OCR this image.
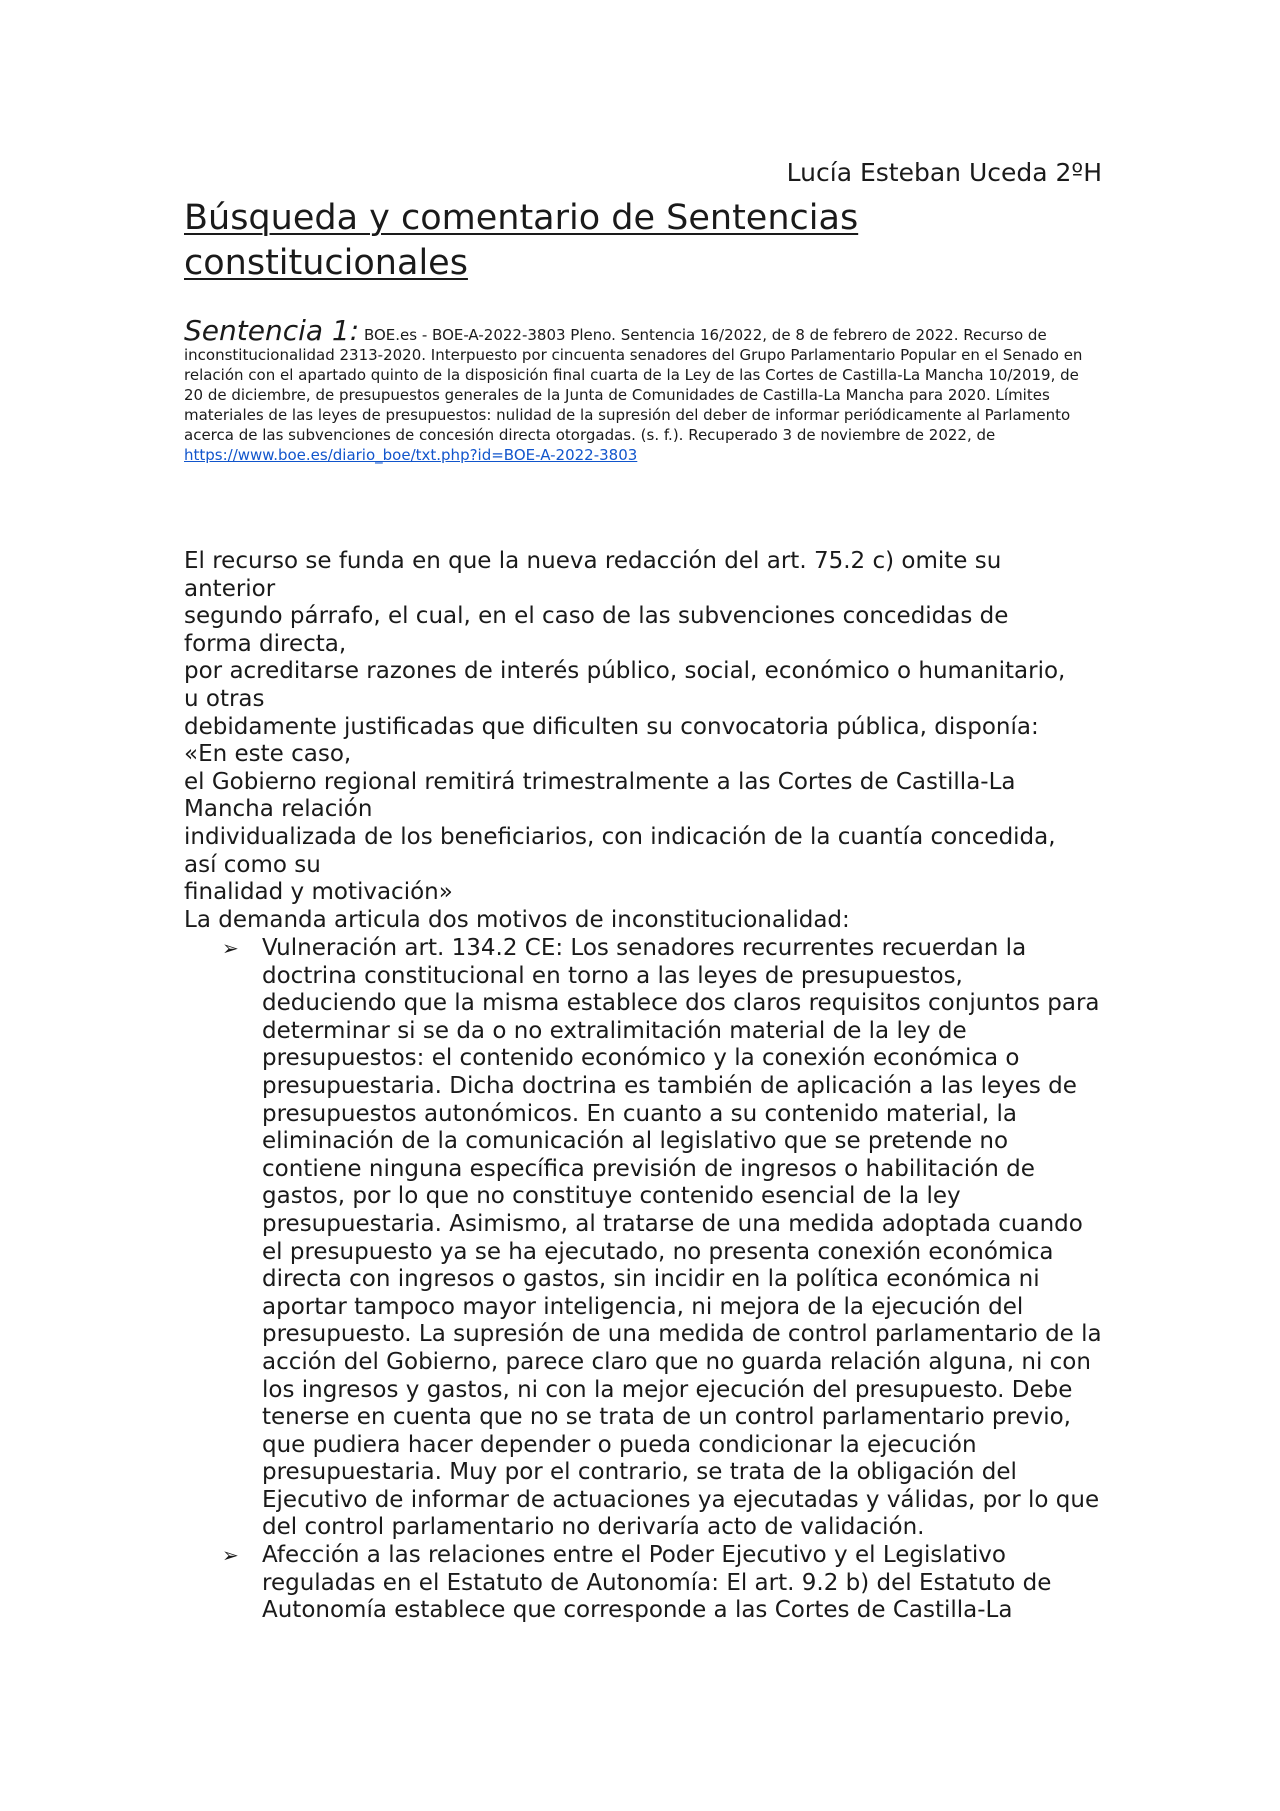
Lucía Esteban Uceda 2ºH
Búsqueda y comentario de Sentencias constitucionales
Sentencia 1: BOE.es - BOE-A-2022-3803 Pleno. Sentencia 16/2022, de 8 de febrero de 2022. Recurso de inconstitucionalidad 2313-2020. Interpuesto por cincuenta senadores del Grupo Parlamentario Popular en el Senado en relación con el apartado quinto de la disposición final cuarta de la Ley de las Cortes de Castilla-La Mancha 10/2019, de 20 de diciembre, de presupuestos generales de la Junta de Comunidades de Castilla-La Mancha para 2020. Límites materiales de las leyes de presupuestos: nulidad de la supresión del deber de informar periódicamente al Parlamento acerca de las subvenciones de concesión directa otorgadas. (s. f.). Recuperado 3 de noviembre de 2022, de
https://www.boe.es/diario_boe/txt.php?id=BOE-A-2022-3803

El recurso se funda en que la nueva redacción del art. 75.2 c) omite su

anterior

segundo párrafo, el cual, en el caso de las subvenciones concedidas de

forma directa,

por acreditarse razones de interés público, social, económico o humanitario,

u otras

debidamente justificadas que dificulten su convocatoria pública, disponía:

«En este caso,

el Gobierno regional remitirá trimestralmente a las Cortes de Castilla-La

Mancha relación

individualizada de los beneficiarios, con indicación de la cuantía concedida,

así como su

finalidad y motivación»

La demanda articula dos motivos de inconstitucionalidad:

➢ Vulneración art. 134.2 CE: Los senadores recurrentes recuerdan la doctrina constitucional en torno a las leyes de presupuestos, deduciendo que la misma establece dos claros requisitos conjuntos para determinar si se da o no extralimitación material de la ley de presupuestos: el contenido económico y la conexión económica o presupuestaria. Dicha doctrina es también de aplicación a las leyes de presupuestos autonómicos. En cuanto a su contenido material, la eliminación de la comunicación al legislativo que se pretende no contiene ninguna específica previsión de ingresos o habilitación de gastos, por lo que no constituye contenido esencial de la ley presupuestaria. Asimismo, al tratarse de una medida adoptada cuando el presupuesto ya se ha ejecutado, no presenta conexión económica directa con ingresos o gastos, sin incidir en la política económica ni aportar tampoco mayor inteligencia, ni mejora de la ejecución del presupuesto. La supresión de una medida de control parlamentario de la acción del Gobierno, parece claro que no guarda relación alguna, ni con los ingresos y gastos, ni con la mejor ejecución del presupuesto. Debe tenerse en cuenta que no se trata de un control parlamentario previo, que pudiera hacer depender o pueda condicionar la ejecución presupuestaria. Muy por el contrario, se trata de la obligación del Ejecutivo de informar de actuaciones ya ejecutadas y válidas, por lo que del control parlamentario no derivaría acto de validación.
➢ Afección a las relaciones entre el Poder Ejecutivo y el Legislativo reguladas en el Estatuto de Autonomía: El art. 9.2 b) del Estatuto de Autonomía establece que corresponde a las Cortes de Castilla-La
